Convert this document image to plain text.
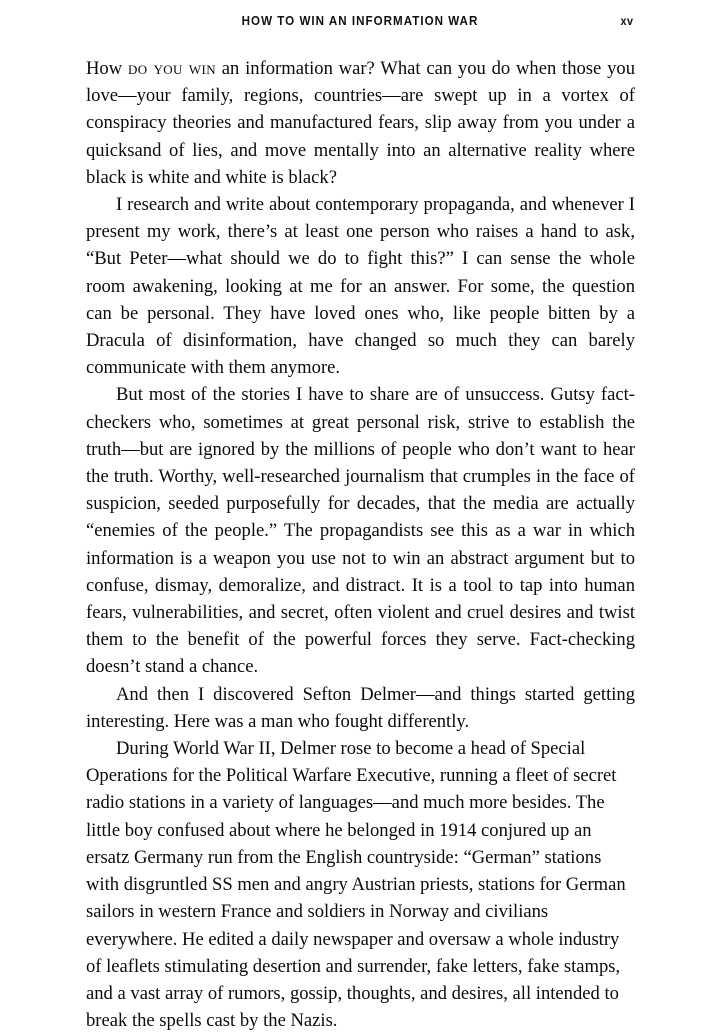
HOW TO WIN AN INFORMATION WAR	xv

How do you win an information war? What can you do when those you love—your family, regions, countries—are swept up in a vortex of conspiracy theories and manufactured fears, slip away from you under a quicksand of lies, and move mentally into an alternative reality where black is white and white is black?

I research and write about contemporary propaganda, and whenever I present my work, there’s at least one person who raises a hand to ask, “But Peter—what should we do to fight this?” I can sense the whole room awakening, looking at me for an answer. For some, the question can be personal. They have loved ones who, like people bitten by a Dracula of disinformation, have changed so much they can barely communicate with them anymore.

But most of the stories I have to share are of unsuccess. Gutsy fact-checkers who, sometimes at great personal risk, strive to establish the truth—but are ignored by the millions of people who don’t want to hear the truth. Worthy, well-researched journalism that crumples in the face of suspicion, seeded purposefully for decades, that the media are actually “enemies of the people.” The propagandists see this as a war in which information is a weapon you use not to win an abstract argument but to confuse, dismay, demoralize, and distract. It is a tool to tap into human fears, vulnerabilities, and secret, often violent and cruel desires and twist them to the benefit of the powerful forces they serve. Fact-checking doesn’t stand a chance.

And then I discovered Sefton Delmer—and things started getting interesting. Here was a man who fought differently.

During World War II, Delmer rose to become a head of Special Operations for the Political Warfare Executive, running a fleet of secret radio stations in a variety of languages—and much more besides. The little boy confused about where he belonged in 1914 conjured up an ersatz Germany run from the English countryside: “German” stations with disgruntled SS men and angry Austrian priests, stations for German sailors in western France and soldiers in Norway and civilians everywhere. He edited a daily newspaper and oversaw a whole industry of leaflets stimulating desertion and surrender, fake letters, fake stamps, and a vast array of rumors, gossip, thoughts, and desires, all intended to break the spells cast by the Nazis.
